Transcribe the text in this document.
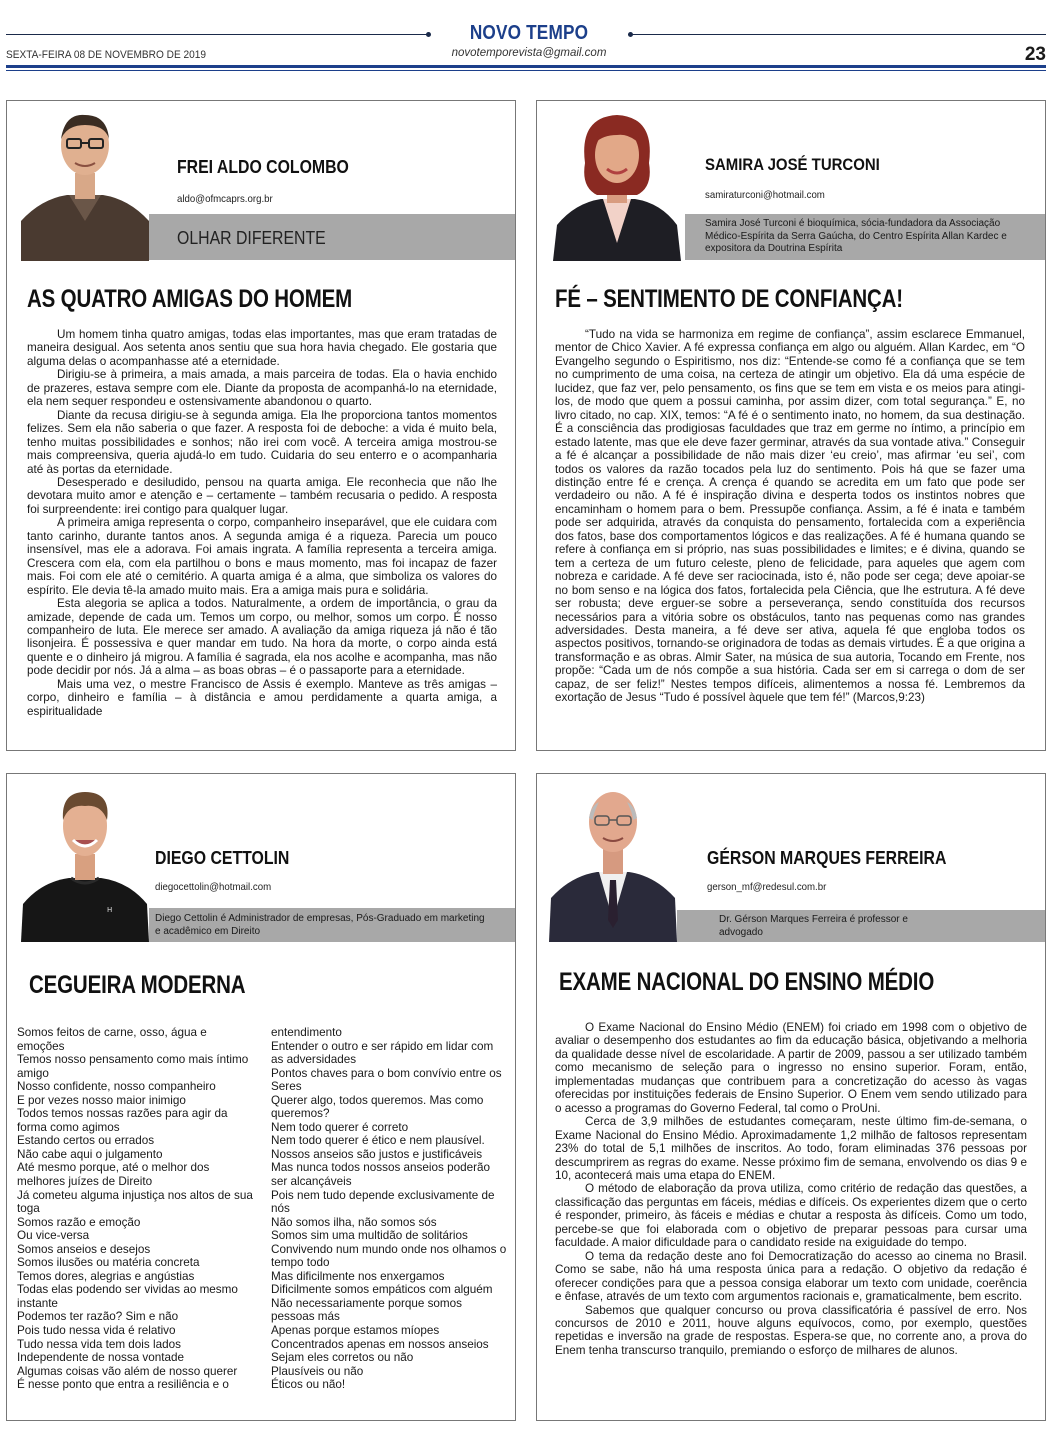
NOVO TEMPO
SEXTA-FEIRA 08 DE NOVEMBRO DE 2019	novotemporevista@gmail.com	23
FREI ALDO COLOMBO
aldo@ofmcaprs.org.br
OLHAR DIFERENTE
AS QUATRO AMIGAS DO HOMEM

Um homem tinha quatro amigas, todas elas importantes, mas que eram tratadas de maneira desigual. Aos setenta anos sentiu que sua hora havia chegado. Ele gostaria que alguma delas o acompanhasse até a eternidade.

Dirigiu-se à primeira, a mais amada, a mais parceira de todas. Ela o havia enchido de prazeres, estava sempre com ele. Diante da proposta de acompanhá-lo na eternidade, ela nem sequer respondeu e ostensivamente abandonou o quarto.

Diante da recusa dirigiu-se à segunda amiga. Ela lhe proporciona tantos momentos felizes. Sem ela não saberia o que fazer. A resposta foi de deboche: a vida é muito bela, tenho muitas possibilidades e sonhos; não irei com você. A terceira amiga mostrou-se mais compreensiva, queria ajudá-lo em tudo. Cuidaria do seu enterro e o acompanharia até às portas da eternidade.

Desesperado e desiludido, pensou na quarta amiga. Ele reconhecia que não lhe devotara muito amor e atenção e – certamente – também recusaria o pedido. A resposta foi surpreendente: irei contigo para qualquer lugar.

A primeira amiga representa o corpo, companheiro inseparável, que ele cuidara com tanto carinho, durante tantos anos. A segunda amiga é a riqueza. Parecia um pouco insensível, mas ele a adorava. Foi amais ingrata. A família representa a terceira amiga. Crescera com ela, com ela partilhou o bons e maus momento, mas foi incapaz de fazer mais. Foi com ele até o cemitério. A quarta amiga é a alma, que simboliza os valores do espírito. Ele devia tê-la amado muito mais. Era a amiga mais pura e solidária.

Esta alegoria se aplica a todos. Naturalmente, a ordem de importância, o grau da amizade, depende de cada um. Temos um corpo, ou melhor, somos um corpo. É nosso companheiro de luta. Ele merece ser amado. A avaliação da amiga riqueza já não é tão lisonjeira. É possessiva e quer mandar em tudo. Na hora da morte, o corpo ainda está quente e o dinheiro já migrou. A família é sagrada, ela nos acolhe e acompanha, mas não pode decidir por nós. Já a alma – as boas obras – é o passaporte para a eternidade.

Mais uma vez, o mestre Francisco de Assis é exemplo. Manteve as três amigas – corpo, dinheiro e família – à distância e amou perdidamente a quarta amiga, a espiritualidade

SAMIRA JOSÉ TURCONI
samiraturconi@hotmail.com
Samira José Turconi é bioquímica, sócia-fundadora da Associação Médico-Espírita da Serra Gaúcha, do Centro Espírita Allan Kardec e expositora da Doutrina Espírita
FÉ – SENTIMENTO DE CONFIANÇA!

“Tudo na vida se harmoniza em regime de confiança”, assim esclarece Emmanuel, mentor de Chico Xavier. A fé expressa confiança em algo ou alguém. Allan Kardec, em “O Evangelho segundo o Espiritismo, nos diz: “Entende-se como fé a confiança que se tem no cumprimento de uma coisa, na certeza de atingir um objetivo. Ela dá uma espécie de lucidez, que faz ver, pelo pensamento, os fins que se tem em vista e os meios para atingi-los, de modo que quem a possui caminha, por assim dizer, com total segurança.” E, no livro citado, no cap. XIX, temos: “A fé é o sentimento inato, no homem, da sua destinação. É a consciência das prodigiosas faculdades que traz em germe no íntimo, a princípio em estado latente, mas que ele deve fazer germinar, através da sua vontade ativa.” Conseguir a fé é alcançar a possibilidade de não mais dizer ‘eu creio’, mas afirmar ‘eu sei’, com todos os valores da razão tocados pela luz do sentimento. Pois há que se fazer uma distinção entre fé e crença. A crença é quando se acredita em um fato que pode ser verdadeiro ou não. A fé é inspiração divina e desperta todos os instintos nobres que encaminham o homem para o bem. Pressupõe confiança. Assim, a fé é inata e também pode ser adquirida, através da conquista do pensamento, fortalecida com a experiência dos fatos, base dos comportamentos lógicos e das realizações. A fé é humana quando se refere à confiança em si próprio, nas suas possibilidades e limites; e é divina, quando se tem a certeza de um futuro celeste, pleno de felicidade, para aqueles que agem com nobreza e caridade. A fé deve ser raciocinada, isto é, não pode ser cega; deve apoiar-se no bom senso e na lógica dos fatos, fortalecida pela Ciência, que lhe estrutura. A fé deve ser robusta; deve erguer-se sobre a perseverança, sendo constituída dos recursos necessários para a vitória sobre os obstáculos, tanto nas pequenas como nas grandes adversidades. Desta maneira, a fé deve ser ativa, aquela fé que engloba todos os aspectos positivos, tornando-se originadora de todas as demais virtudes. É a que origina a transformação e as obras. Almir Sater, na música de sua autoria, Tocando em Frente, nos propõe: “Cada um de nós compõe a sua história. Cada ser em si carrega o dom de ser capaz, de ser feliz!” Nestes tempos difíceis, alimentemos a nossa fé. Lembremos da exortação de Jesus “Tudo é possível àquele que tem fé!” (Marcos,9:23)

H
DIEGO CETTOLIN
diegocettolin@hotmail.com
Diego Cettolin é Administrador de empresas, Pós-Graduado em marketing e acadêmico em Direito
CEGUEIRA MODERNA
Somos feitos de carne, osso, água e emoções
Temos nosso pensamento como mais íntimo amigo
Nosso confidente, nosso companheiro
E por vezes nosso maior inimigo
Todos temos nossas razões para agir da forma como agimos
Estando certos ou errados
Não cabe aqui o julgamento
Até mesmo porque, até o melhor dos melhores juízes de Direito
Já cometeu alguma injustiça nos altos de sua toga
Somos razão e emoção
Ou vice-versa
Somos anseios e desejos
Somos ilusões ou matéria concreta
Temos dores, alegrias e angústias
Todas elas podendo ser vividas ao mesmo instante
Podemos ter razão? Sim e não
Pois tudo nessa vida é relativo
Tudo nessa vida tem dois lados
Independente de nossa vontade
Algumas coisas vão além de nosso querer
É nesse ponto que entra a resiliência e o
entendimento
Entender o outro e ser rápido em lidar com as adversidades
Pontos chaves para o bom convívio entre os Seres
Querer algo, todos queremos. Mas como queremos?
Nem todo querer é correto
Nem todo querer é ético e nem plausível.
Nossos anseios são justos e justificáveis
Mas nunca todos nossos anseios poderão ser alcançáveis
Pois nem tudo depende exclusivamente de nós
Não somos ilha, não somos sós
Somos sim uma multidão de solitários
Convivendo num mundo onde nos olhamos o tempo todo
Mas dificilmente nos enxergamos
Dificilmente somos empáticos com alguém
Não necessariamente porque somos pessoas más
Apenas porque estamos míopes
Concentrados apenas em nossos anseios
Sejam eles corretos ou não
Plausíveis ou não
Éticos ou não!
GÉRSON MARQUES FERREIRA
gerson_mf@redesul.com.br
Dr. Gérson Marques Ferreira é professor e advogado
EXAME NACIONAL DO ENSINO MÉDIO

O Exame Nacional do Ensino Médio (ENEM) foi criado em 1998 com o objetivo de avaliar o desempenho dos estudantes ao fim da educação básica, objetivando a melhoria da qualidade desse nível de escolaridade. A partir de 2009, passou a ser utilizado também como mecanismo de seleção para o ingresso no ensino superior. Foram, então, implementadas mudanças que contribuem para a concretização do acesso às vagas oferecidas por instituições federais de Ensino Superior. O Enem vem sendo utilizado para o acesso a programas do Governo Federal, tal como o ProUni.

Cerca de 3,9 milhões de estudantes começaram, neste último fim-de-semana, o Exame Nacional do Ensino Médio. Aproximadamente 1,2 milhão de faltosos representam 23% do total de 5,1 milhões de inscritos. Ao todo, foram eliminadas 376 pessoas por descumprirem as regras do exame. Nesse próximo fim de semana, envolvendo os dias 9 e 10, acontecerá mais uma etapa do ENEM.

O método de elaboração da prova utiliza, como critério de redação das questões, a classificação das perguntas em fáceis, médias e difíceis. Os experientes dizem que o certo é responder, primeiro, às fáceis e médias e chutar a resposta às difíceis. Como um todo, percebe-se que foi elaborada com o objetivo de preparar pessoas para cursar uma faculdade. A maior dificuldade para o candidato reside na exiguidade do tempo.

O tema da redação deste ano foi Democratização do acesso ao cinema no Brasil. Como se sabe, não há uma resposta única para a redação. O objetivo da redação é oferecer condições para que a pessoa consiga elaborar um texto com unidade, coerência e ênfase, através de um texto com argumentos racionais e, gramaticalmente, bem escrito.

Sabemos que qualquer concurso ou prova classificatória é passível de erro. Nos concursos de 2010 e 2011, houve alguns equívocos, como, por exemplo, questões repetidas e inversão na grade de respostas. Espera-se que, no corrente ano, a prova do Enem tenha transcurso tranquilo, premiando o esforço de milhares de alunos.
